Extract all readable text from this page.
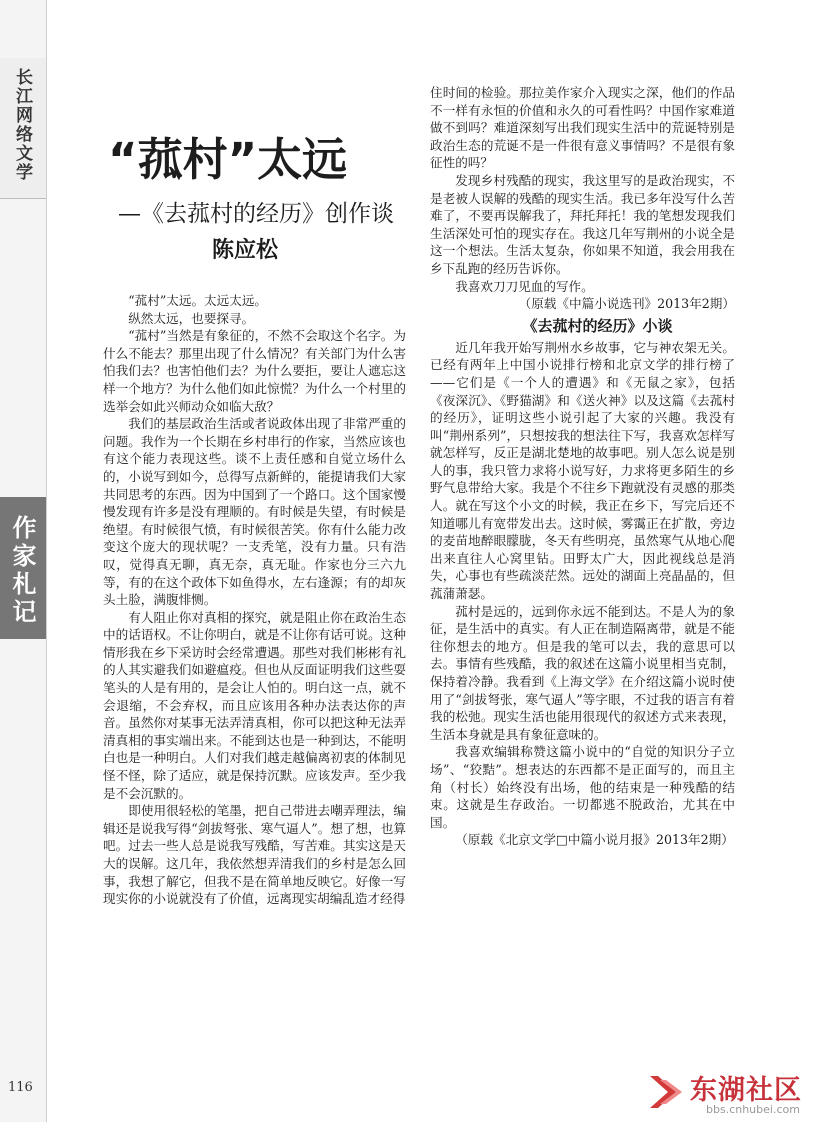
长江网络文学
作家札记
116
“菰村”太远
—《去菰村的经历》创作谈
陈应松

“菰村”太远。太远太远。

纵然太远，也要探寻。

“菰村”当然是有象征的，不然不会取这个名字。为什么不能去？那里出现了什么情况？有关部门为什么害怕我们去？也害怕他们去？为什么要拒，要让人遮忘这样一个地方？为什么他们如此惊慌？为什么一个村里的选举会如此兴师动众如临大敌？

我们的基层政治生活或者说政体出现了非常严重的问题。我作为一个长期在乡村串行的作家，当然应该也有这个能力表现这些。谈不上责任感和自觉立场什么的，小说写到如今，总得写点新鲜的，能提请我们大家共同思考的东西。因为中国到了一个路口。这个国家慢慢发现有许多是没有理顺的。有时候是失望，有时候是绝望。有时候很气愤，有时候很苦笑。你有什么能力改变这个庞大的现状呢？一支秃笔，没有力量。只有浩叹，觉得真无聊，真无奈，真无耻。作家也分三六九等，有的在这个政体下如鱼得水，左右逢源；有的却灰头土脸，满腹悱恻。

有人阻止你对真相的探究，就是阻止你在政治生态中的话语权。不让你明白，就是不让你有话可说。这种情形我在乡下采访时会经常遭遇。那些对我们彬彬有礼的人其实避我们如避瘟疫。但也从反面证明我们这些耍笔头的人是有用的，是会让人怕的。明白这一点，就不会退缩，不会弃权，而且应该用各种办法表达你的声音。虽然你对某事无法弄清真相，你可以把这种无法弄清真相的事实端出来。不能到达也是一种到达，不能明白也是一种明白。人们对我们越走越偏离初衷的体制见怪不怪，除了适应，就是保持沉默。应该发声。至少我是不会沉默的。

即使用很轻松的笔墨，把自己带进去嘲弄理法，编辑还是说我写得“剑拔弩张、寒气逼人”。想了想，也算吧。过去一些人总是说我写残酷，写苦难。其实这是天大的误解。这几年，我依然想弄清我们的乡村是怎么回事，我想了解它，但我不是在简单地反映它。好像一写现实你的小说就没有了价值，远离现实胡编乱造才经得

住时间的检验。那拉美作家介入现实之深，他们的作品不一样有永恒的价值和永久的可看性吗？中国作家难道做不到吗？难道深刻写出我们现实生活中的荒诞特别是政治生态的荒诞不是一件很有意义事情吗？不是很有象征性的吗？

发现乡村残酷的现实，我这里写的是政治现实，不是老被人误解的残酷的现实生活。我已多年没写什么苦难了，不要再误解我了，拜托拜托！我的笔想发现我们生活深处可怕的现实存在。我这几年写荆州的小说全是这一个想法。生活太复杂，你如果不知道，我会用我在乡下乱跑的经历告诉你。

我喜欢刀刀见血的写作。

（原载《中篇小说选刊》2013年2期）

《去菰村的经历》小谈

近几年我开始写荆州水乡故事，它与神农架无关。已经有两年上中国小说排行榜和北京文学的排行榜了——它们是《一个人的遭遇》和《无鼠之家》，包括《夜深沉》、《野猫湖》和《送火神》以及这篇《去菰村的经历》，证明这些小说引起了大家的兴趣。我没有叫“荆州系列”，只想按我的想法往下写，我喜欢怎样写就怎样写，反正是湖北楚地的故事吧。别人怎么说是别人的事，我只管力求将小说写好，力求将更多陌生的乡野气息带给大家。我是个不往乡下跑就没有灵感的那类人。就在写这个小文的时候，我正在乡下，写完后还不知道哪儿有宽带发出去。这时候，雾霭正在扩散，旁边的麦苗地醉眼朦胧，冬天有些明亮，虽然寒气从地心爬出来直往人心窝里钻。田野太广大，因此视线总是消失，心事也有些疏淡茫然。远处的湖面上亮晶晶的，但菰蒲萧瑟。

菰村是远的，远到你永远不能到达。不是人为的象征，是生活中的真实。有人正在制造隔离带，就是不能往你想去的地方。但是我的笔可以去，我的意思可以去。事情有些残酷，我的叙述在这篇小说里相当克制，保持着冷静。我看到《上海文学》在介绍这篇小说时使用了“剑拔弩张，寒气逼人”等字眼，不过我的语言有着我的松弛。现实生活也能用很现代的叙述方式来表现，生活本身就是具有象征意味的。

我喜欢编辑称赞这篇小说中的“自觉的知识分子立场”、“狡黠”。想表达的东西都不是正面写的，而且主角（村长）始终没有出场，他的结束是一种残酷的结束。这就是生存政治。一切都逃不脱政治，尤其在中国。

（原载《北京文学□中篇小说月报》2013年2期）

东湖社区
bbs.cnhubei.com
